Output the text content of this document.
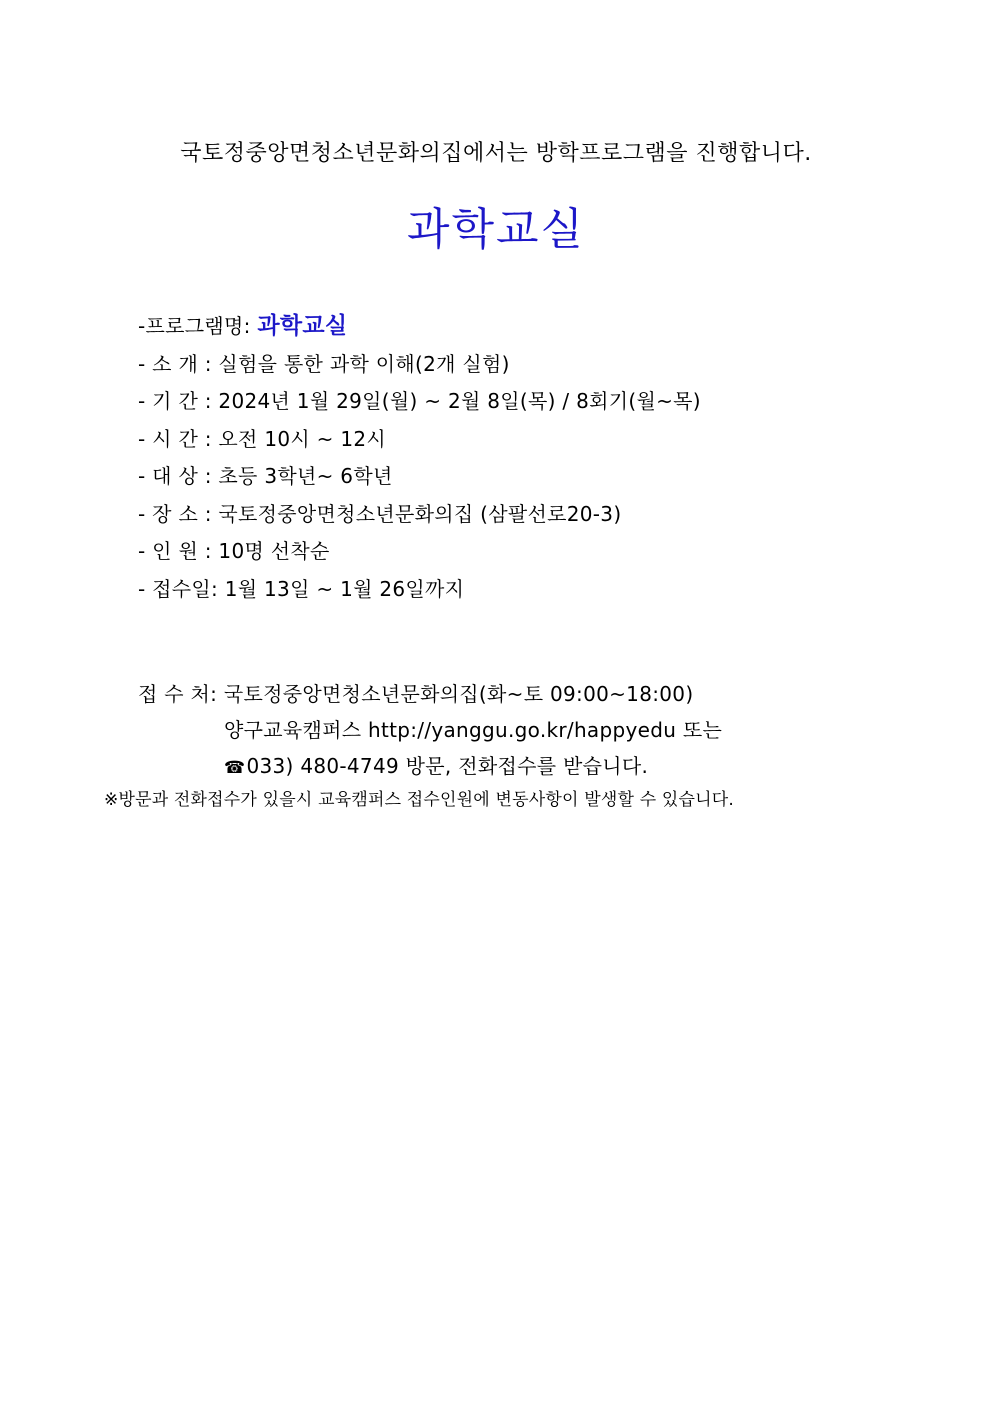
국토정중앙면청소년문화의집에서는 방학프로그램을 진행합니다.
과학교실
-프로그램명: 과학교실
- 소 개 : 실험을 통한 과학 이해(2개 실험)
- 기 간 : 2024년 1월 29일(월) ~ 2월 8일(목) / 8회기(월~목)
- 시 간 : 오전 10시 ~ 12시
- 대 상 : 초등 3학년~ 6학년
- 장 소 : 국토정중앙면청소년문화의집 (삼팔선로20-3)
- 인 원 : 10명 선착순
- 접수일: 1월 13일 ~ 1월 26일까지
접 수 처: 국토정중앙면청소년문화의집(화~토 09:00~18:00)
양구교육캠퍼스 http://yanggu.go.kr/happyedu 또는
☎033) 480-4749 방문, 전화접수를 받습니다.
※방문과 전화접수가 있을시 교육캠퍼스 접수인원에 변동사항이 발생할 수 있습니다.
